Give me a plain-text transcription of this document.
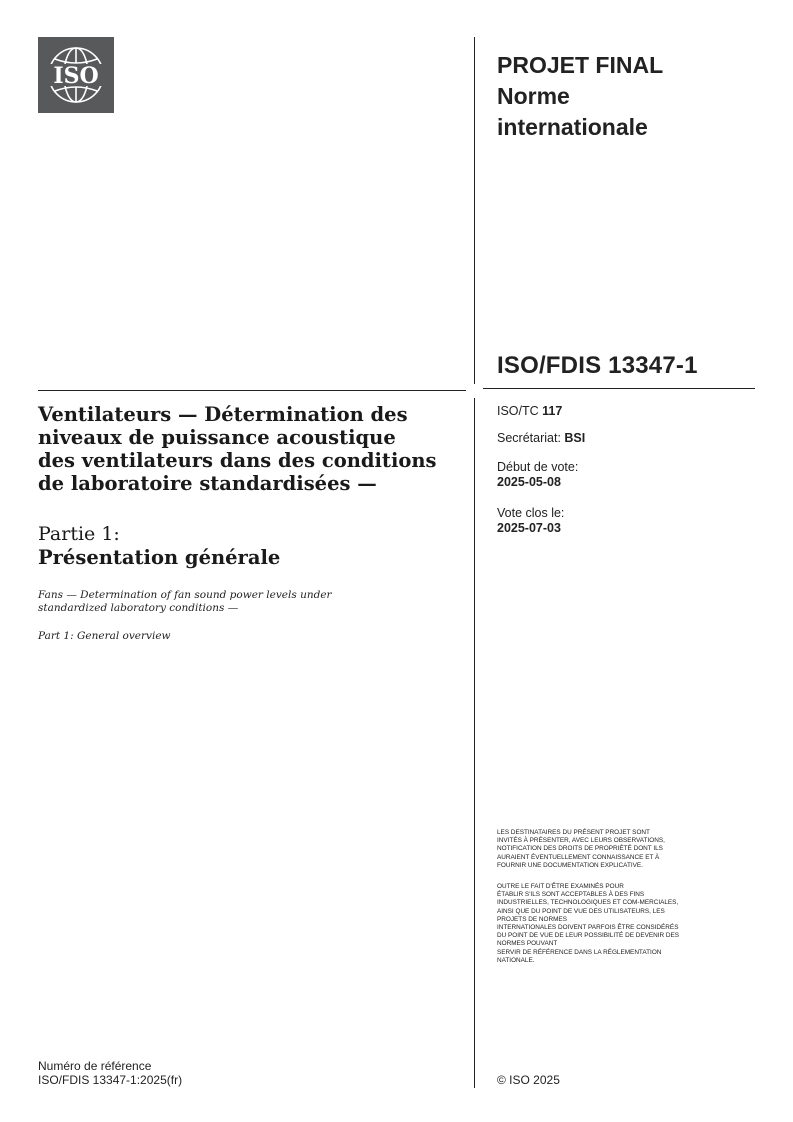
ISO	PROJET FINAL
Norme
internationale
ISO/FDIS 13347-1
ISO/TC 117
Secrétariat: BSI
Début de vote:
2025-05-08
Vote clos le:
2025-07-03
Ventilateurs — Détermination des
niveaux de puissance acoustique
des ventilateurs dans des conditions
de laboratoire standardisées —
Partie 1:
Présentation générale
Fans — Determination of fan sound power levels under
standardized laboratory conditions —
Part 1: General overview
LES DESTINATAIRES DU PRÉSENT PROJET SONT
INVITÉS À PRÉSENTER, AVEC LEURS OBSERVATIONS,
NOTIFICATION DES DROITS DE PROPRIÉTÉ DONT ILS
AURAIENT ÉVENTUELLEMENT CONNAISSANCE ET À
FOURNIR UNE DOCUMENTATION EXPLICATIVE.
OUTRE LE FAIT D'ÊTRE EXAMINÉS POUR
ÉTABLIR S'ILS SONT ACCEPTABLES À DES FINS
INDUSTRIELLES, TECHNOLOGIQUES ET COM-MERCIALES,
AINSI QUE DU POINT DE VUE DES UTILISATEURS, LES
PROJETS DE NORMES
INTERNATIONALES DOIVENT PARFOIS ÊTRE CONSIDÉRÉS
DU POINT DE VUE DE LEUR POSSIBILITÉ DE DEVENIR DES
NORMES POUVANT
SERVIR DE RÉFÉRENCE DANS LA RÉGLEMENTATION
NATIONALE.
Numéro de référence
ISO/FDIS 13347-1:2025(fr)	© ISO 2025
